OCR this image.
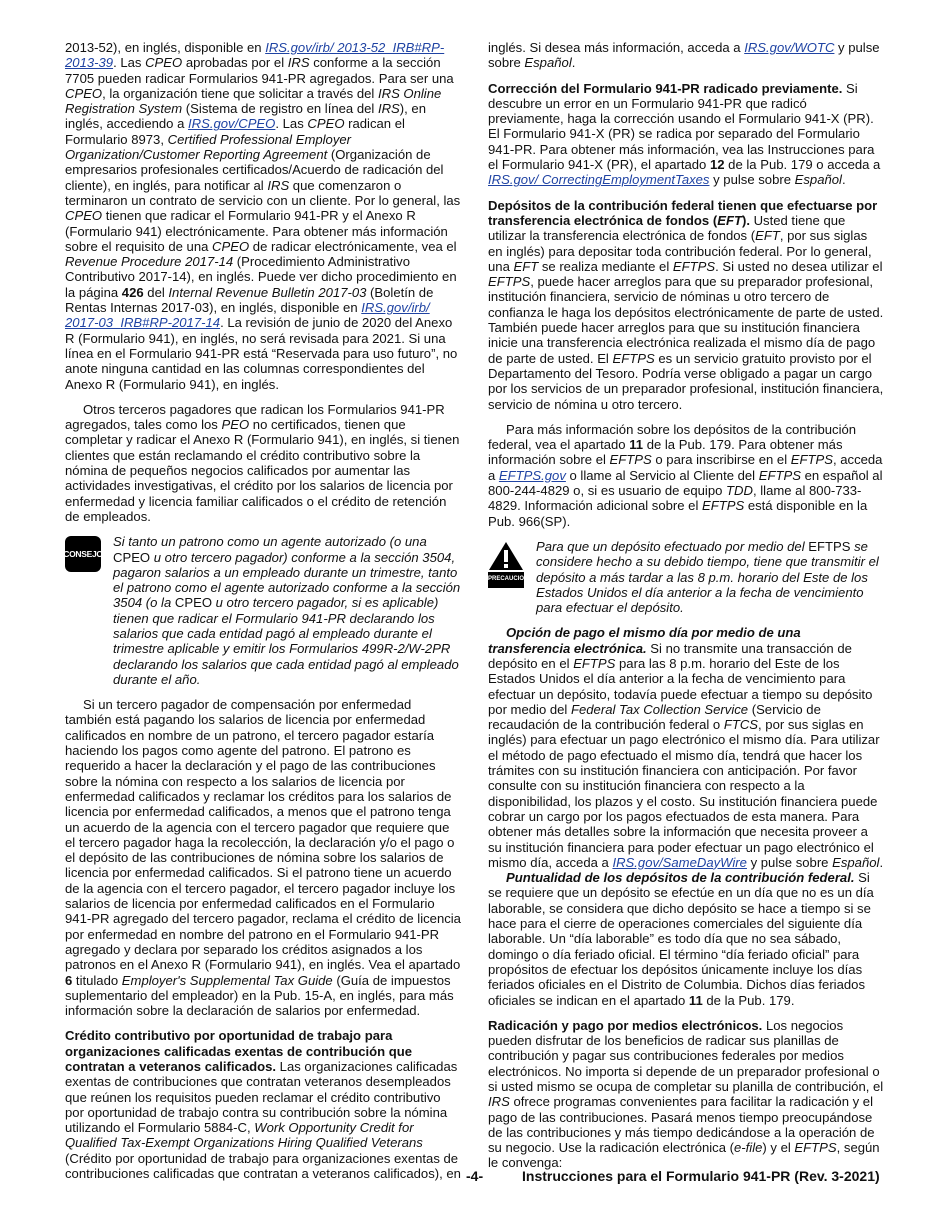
2013-52), en inglés, disponible en IRS.gov/irb/ 2013-52_IRB#RP-2013-39. Las CPEO aprobadas por el IRS conforme a la sección 7705 pueden radicar Formularios 941-PR agregados. Para ser una CPEO, la organización tiene que solicitar a través del IRS Online Registration System (Sistema de registro en línea del IRS), en inglés, accediendo a IRS.gov/CPEO. Las CPEO radican el Formulario 8973, Certified Professional Employer Organization/Customer Reporting Agreement (Organización de empresarios profesionales certificados/Acuerdo de radicación del cliente), en inglés, para notificar al IRS que comenzaron o terminaron un contrato de servicio con un cliente. Por lo general, las CPEO tienen que radicar el Formulario 941-PR y el Anexo R (Formulario 941) electrónicamente. Para obtener más información sobre el requisito de una CPEO de radicar electrónicamente, vea el Revenue Procedure 2017-14 (Procedimiento Administrativo Contributivo 2017-14), en inglés. Puede ver dicho procedimiento en la página 426 del Internal Revenue Bulletin 2017-03 (Boletín de Rentas Internas 2017-03), en inglés, disponible en IRS.gov/irb/ 2017-03_IRB#RP-2017-14. La revisión de junio de 2020 del Anexo R (Formulario 941), en inglés, no será revisada para 2021. Si una línea en el Formulario 941-PR está “Reservada para uso futuro”, no anote ninguna cantidad en las columnas correspondientes del Anexo R (Formulario 941), en inglés.

Otros terceros pagadores que radican los Formularios 941-PR agregados, tales como los PEO no certificados, tienen que completar y radicar el Anexo R (Formulario 941), en inglés, si tienen clientes que están reclamando el crédito contributivo sobre la nómina de pequeños negocios calificados por aumentar las actividades investigativas, el crédito por los salarios de licencia por enfermedad y licencia familiar calificados o el crédito de retención de empleados.

CONSEJO
Si tanto un patrono como un agente autorizado (o una CPEO u otro tercero pagador) conforme a la sección 3504, pagaron salarios a un empleado durante un trimestre, tanto el patrono como el agente autorizado conforme a la sección 3504 (o la CPEO u otro tercero pagador, si es aplicable) tienen que radicar el Formulario 941-PR declarando los salarios que cada entidad pagó al empleado durante el trimestre aplicable y emitir los Formularios 499R-2/W-2PR declarando los salarios que cada entidad pagó al empleado durante el año.

Si un tercero pagador de compensación por enfermedad también está pagando los salarios de licencia por enfermedad calificados en nombre de un patrono, el tercero pagador estaría haciendo los pagos como agente del patrono. El patrono es requerido a hacer la declaración y el pago de las contribuciones sobre la nómina con respecto a los salarios de licencia por enfermedad calificados y reclamar los créditos para los salarios de licencia por enfermedad calificados, a menos que el patrono tenga un acuerdo de la agencia con el tercero pagador que requiere que el tercero pagador haga la recolección, la declaración y/o el pago o el depósito de las contribuciones de nómina sobre los salarios de licencia por enfermedad calificados. Si el patrono tiene un acuerdo de la agencia con el tercero pagador, el tercero pagador incluye los salarios de licencia por enfermedad calificados en el Formulario 941-PR agregado del tercero pagador, reclama el crédito de licencia por enfermedad en nombre del patrono en el Formulario 941-PR agregado y declara por separado los créditos asignados a los patronos en el Anexo R (Formulario 941), en inglés. Vea el apartado 6 titulado Employer's Supplemental Tax Guide (Guía de impuestos suplementario del empleador) en la Pub. 15-A, en inglés, para más información sobre la declaración de salarios por enfermedad.

Crédito contributivo por oportunidad de trabajo para organizaciones calificadas exentas de contribución que contratan a veteranos calificados. Las organizaciones calificadas exentas de contribuciones que contratan veteranos desempleados que reúnen los requisitos pueden reclamar el crédito contributivo por oportunidad de trabajo contra su contribución sobre la nómina utilizando el Formulario 5884-C, Work Opportunity Credit for Qualified Tax-Exempt Organizations Hiring Qualified Veterans (Crédito por oportunidad de trabajo para organizaciones exentas de contribuciones calificadas que contratan a veteranos calificados), en

inglés. Si desea más información, acceda a IRS.gov/WOTC y pulse sobre Español.

Corrección del Formulario 941-PR radicado previamente. Si descubre un error en un Formulario 941-PR que radicó previamente, haga la corrección usando el Formulario 941-X (PR). El Formulario 941-X (PR) se radica por separado del Formulario 941-PR. Para obtener más información, vea las Instrucciones para el Formulario 941-X (PR), el apartado 12 de la Pub. 179 o acceda a IRS.gov/ CorrectingEmploymentTaxes y pulse sobre Español.

Depósitos de la contribución federal tienen que efectuarse por transferencia electrónica de fondos (EFT). Usted tiene que utilizar la transferencia electrónica de fondos (EFT, por sus siglas en inglés) para depositar toda contribución federal. Por lo general, una EFT se realiza mediante el EFTPS. Si usted no desea utilizar el EFTPS, puede hacer arreglos para que su preparador profesional, institución financiera, servicio de nóminas u otro tercero de confianza le haga los depósitos electrónicamente de parte de usted. También puede hacer arreglos para que su institución financiera inicie una transferencia electrónica realizada el mismo día de pago de parte de usted. El EFTPS es un servicio gratuito provisto por el Departamento del Tesoro. Podría verse obligado a pagar un cargo por los servicios de un preparador profesional, institución financiera, servicio de nómina u otro tercero.

Para más información sobre los depósitos de la contribución federal, vea el apartado 11 de la Pub. 179. Para obtener más información sobre el EFTPS o para inscribirse en el EFTPS, acceda a EFTPS.gov o llame al Servicio al Cliente del EFTPS en español al 800-244-4829 o, si es usuario de equipo TDD, llame al 800-733-4829. Información adicional sobre el EFTPS está disponible en la Pub. 966(SP).

PRECAUCION
Para que un depósito efectuado por medio del EFTPS se considere hecho a su debido tiempo, tiene que transmitir el depósito a más tardar a las 8 p.m. horario del Este de los Estados Unidos el día anterior a la fecha de vencimiento para efectuar el depósito.

Opción de pago el mismo día por medio de una transferencia electrónica. Si no transmite una transacción de depósito en el EFTPS para las 8 p.m. horario del Este de los Estados Unidos el día anterior a la fecha de vencimiento para efectuar un depósito, todavía puede efectuar a tiempo su depósito por medio del Federal Tax Collection Service (Servicio de recaudación de la contribución federal o FTCS, por sus siglas en inglés) para efectuar un pago electrónico el mismo día. Para utilizar el método de pago efectuado el mismo día, tendrá que hacer los trámites con su institución financiera con anticipación. Por favor consulte con su institución financiera con respecto a la disponibilidad, los plazos y el costo. Su institución financiera puede cobrar un cargo por los pagos efectuados de esta manera. Para obtener más detalles sobre la información que necesita proveer a su institución financiera para poder efectuar un pago electrónico el mismo día, acceda a IRS.gov/SameDayWire y pulse sobre Español.

Puntualidad de los depósitos de la contribución federal. Si se requiere que un depósito se efectúe en un día que no es un día laborable, se considera que dicho depósito se hace a tiempo si se hace para el cierre de operaciones comerciales del siguiente día laborable. Un “día laborable” es todo día que no sea sábado, domingo o día feriado oficial. El término “día feriado oficial” para propósitos de efectuar los depósitos únicamente incluye los días feriados oficiales en el Distrito de Columbia. Dichos días feriados oficiales se indican en el apartado 11 de la Pub. 179.

Radicación y pago por medios electrónicos. Los negocios pueden disfrutar de los beneficios de radicar sus planillas de contribución y pagar sus contribuciones federales por medios electrónicos. No importa si depende de un preparador profesional o si usted mismo se ocupa de completar su planilla de contribución, el IRS ofrece programas convenientes para facilitar la radicación y el pago de las contribuciones. Pasará menos tiempo preocupándose de las contribuciones y más tiempo dedicándose a la operación de su negocio. Use la radicación electrónica (e-file) y el EFTPS, según le convenga:

-4-	Instrucciones para el Formulario 941-PR (Rev. 3-2021)
